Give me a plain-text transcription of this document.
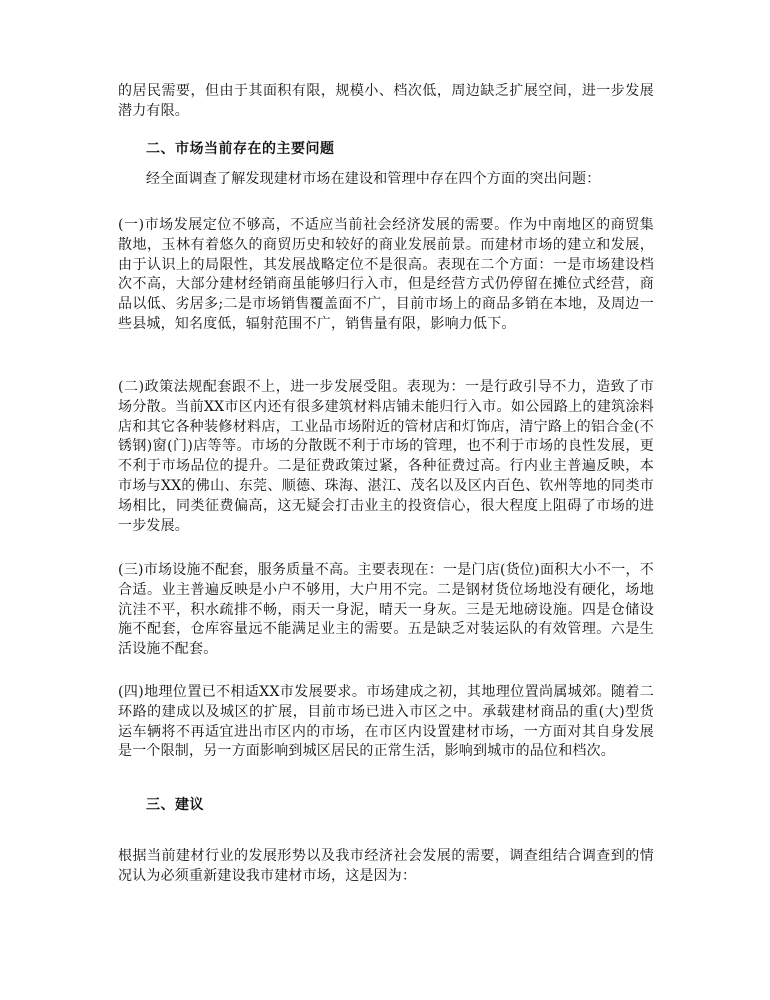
的居民需要，但由于其面积有限，规模小、档次低，周边缺乏扩展空间，进一步发展潜力有限。

二、市场当前存在的主要问题

经全面调查了解发现建材市场在建设和管理中存在四个方面的突出问题：

(一)市场发展定位不够高，不适应当前社会经济发展的需要。作为中南地区的商贸集散地，玉林有着悠久的商贸历史和较好的商业发展前景。而建材市场的建立和发展，由于认识上的局限性，其发展战略定位不是很高。表现在二个方面：一是市场建设档次不高，大部分建材经销商虽能够归行入市，但是经营方式仍停留在摊位式经营，商品以低、劣居多;二是市场销售覆盖面不广，目前市场上的商品多销在本地，及周边一些县城，知名度低，辐射范围不广，销售量有限，影响力低下。

(二)政策法规配套跟不上，进一步发展受阻。表现为：一是行政引导不力，造致了市场分散。当前XX市区内还有很多建筑材料店铺未能归行入市。如公园路上的建筑涂料店和其它各种装修材料店，工业品市场附近的管材店和灯饰店，清宁路上的铝合金(不锈钢)窗(门)店等等。市场的分散既不利于市场的管理，也不利于市场的良性发展，更不利于市场品位的提升。二是征费政策过紧，各种征费过高。行内业主普遍反映，本市场与XX的佛山、东莞、顺德、珠海、湛江、茂名以及区内百色、钦州等地的同类市场相比，同类征费偏高，这无疑会打击业主的投资信心，很大程度上阻碍了市场的进一步发展。

(三)市场设施不配套，服务质量不高。主要表现在：一是门店(货位)面积大小不一，不合适。业主普遍反映是小户不够用，大户用不完。二是钢材货位场地没有硬化，场地沆洼不平，积水疏排不畅，雨天一身泥，晴天一身灰。三是无地磅设施。四是仓储设施不配套，仓库容量远不能满足业主的需要。五是缺乏对装运队的有效管理。六是生活设施不配套。

(四)地理位置已不相适XX市发展要求。市场建成之初，其地理位置尚属城郊。随着二环路的建成以及城区的扩展，目前市场已进入市区之中。承载建材商品的重(大)型货运车辆将不再适宜进出市区内的市场，在市区内设置建材市场，一方面对其自身发展是一个限制，另一方面影响到城区居民的正常生活，影响到城市的品位和档次。

三、建议

根据当前建材行业的发展形势以及我市经济社会发展的需要，调查组结合调查到的情况认为必须重新建设我市建材市场，这是因为：
